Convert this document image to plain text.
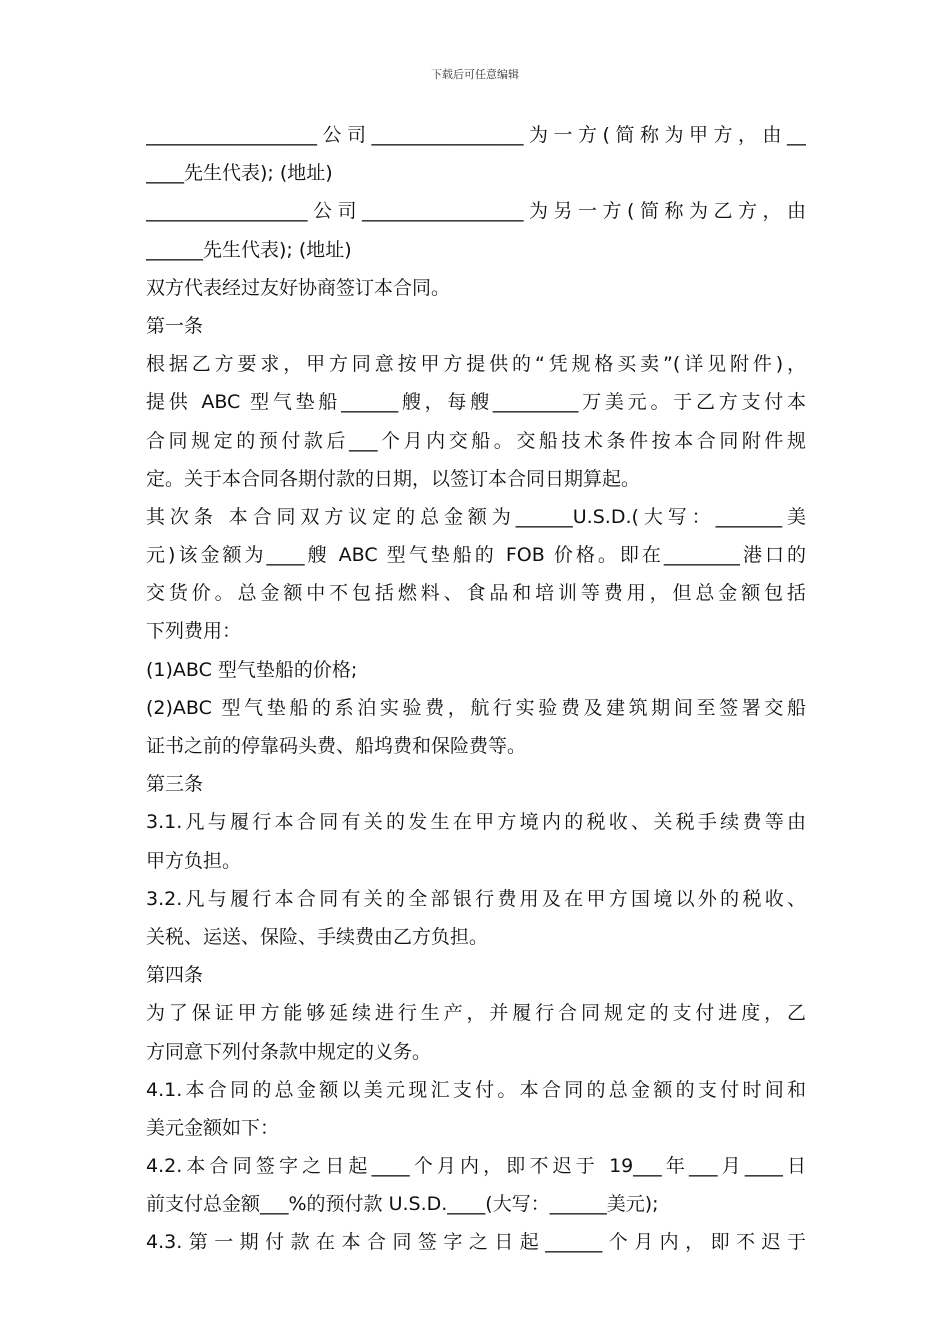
下载后可任意编辑
__________________公司________________为一方(简称为甲方，由__
____先生代表); (地址)
_________________公司_________________为另一方(简称为乙方，由
______先生代表); (地址)
双方代表经过友好协商签订本合同。
第一条
根据乙方要求，甲方同意按甲方提供的“凭规格买卖”(详见附件)，
提供 ABC 型气垫船______艘，每艘_________万美元。于乙方支付本
合同规定的预付款后___个月内交船。交船技术条件按本合同附件规
定。关于本合同各期付款的日期，以签订本合同日期算起。
其次条 本合同双方议定的总金额为______U.S.D.(大写：_______美
元)该金额为____艘 ABC 型气垫船的 FOB 价格。即在________港口的
交货价。总金额中不包括燃料、食品和培训等费用，但总金额包括
下列费用：
(1)ABC 型气垫船的价格;
(2)ABC 型气垫船的系泊实验费，航行实验费及建筑期间至签署交船
证书之前的停靠码头费、船坞费和保险费等。
第三条
3.1.凡与履行本合同有关的发生在甲方境内的税收、关税手续费等由
甲方负担。
3.2.凡与履行本合同有关的全部银行费用及在甲方国境以外的税收、
关税、运送、保险、手续费由乙方负担。
第四条
为了保证甲方能够延续进行生产，并履行合同规定的支付进度，乙
方同意下列付条款中规定的义务。
4.1.本合同的总金额以美元现汇支付。本合同的总金额的支付时间和
美元金额如下：
4.2.本合同签字之日起____个月内，即不迟于 19___年___月____日
前支付总金额___%的预付款 U.S.D.____(大写：______美元);
4.3.第一期付款在本合同签字之日起______个月内，即不迟于
